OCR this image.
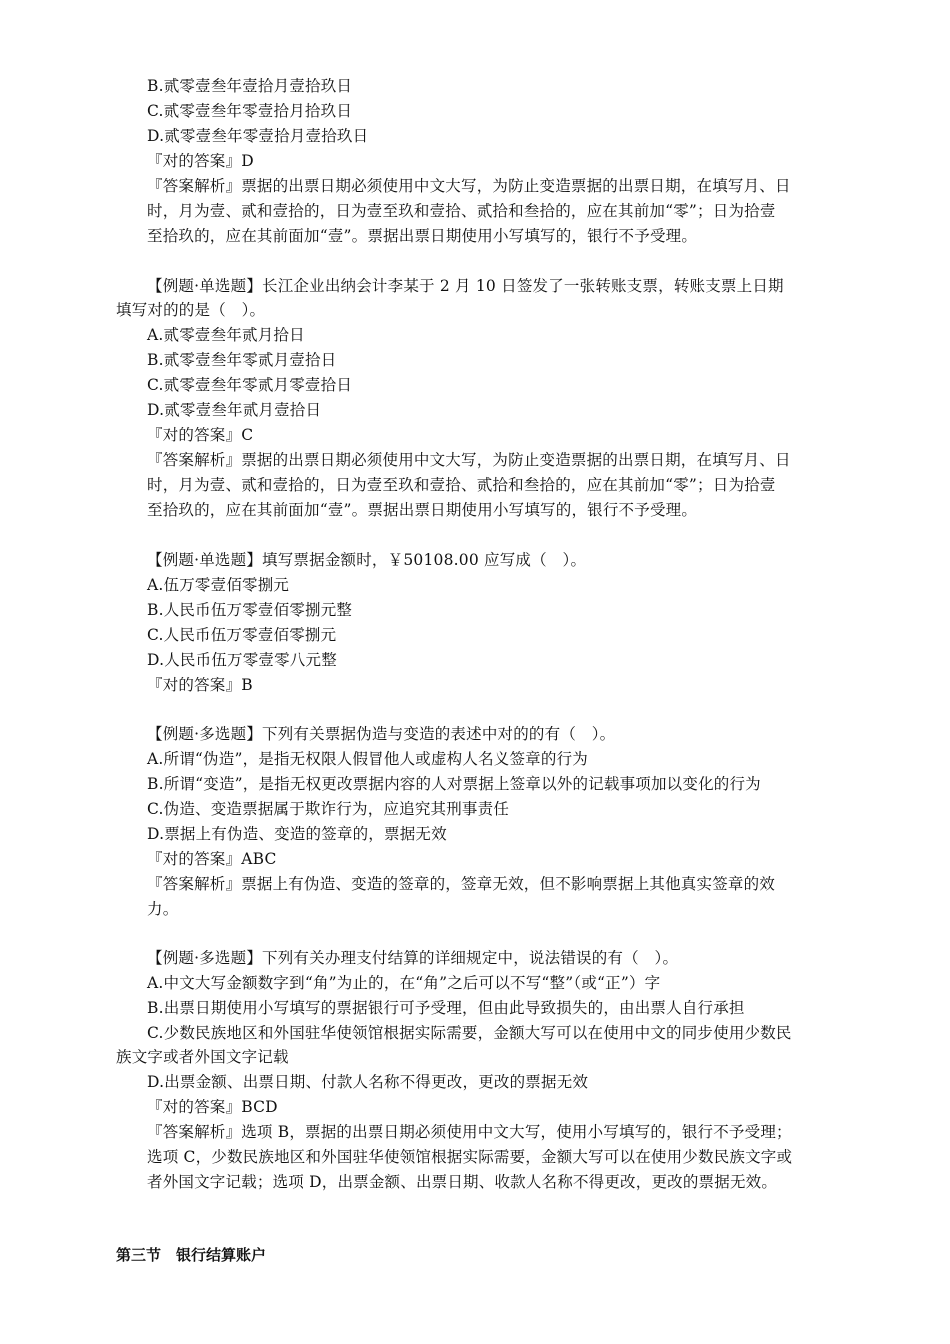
B.贰零壹叁年壹拾月壹拾玖日

C.贰零壹叁年零壹拾月拾玖日

D.贰零壹叁年零壹拾月壹拾玖日

『对的答案』D

『答案解析』票据的出票日期必须使用中文大写，为防止变造票据的出票日期，在填写月、日

时，月为壹、贰和壹拾的，日为壹至玖和壹拾、贰拾和叁拾的，应在其前加“零”；日为拾壹

至拾玖的，应在其前面加“壹”。票据出票日期使用小写填写的，银行不予受理。

【例题·单选题】长江企业出纳会计李某于 2 月 10 日签发了一张转账支票，转账支票上日期

填写对的的是（　）。

A.贰零壹叁年贰月拾日

B.贰零壹叁年零贰月壹拾日

C.贰零壹叁年零贰月零壹拾日

D.贰零壹叁年贰月壹拾日

『对的答案』C

『答案解析』票据的出票日期必须使用中文大写，为防止变造票据的出票日期，在填写月、日

时，月为壹、贰和壹拾的，日为壹至玖和壹拾、贰拾和叁拾的，应在其前加“零”；日为拾壹

至拾玖的，应在其前面加“壹”。票据出票日期使用小写填写的，银行不予受理。

【例题·单选题】填写票据金额时，￥50108.00 应写成（　）。

A.伍万零壹佰零捌元

B.人民币伍万零壹佰零捌元整

C.人民币伍万零壹佰零捌元

D.人民币伍万零壹零八元整

『对的答案』B

【例题·多选题】下列有关票据伪造与变造的表述中对的的有（　）。

A.所谓“伪造”，是指无权限人假冒他人或虚构人名义签章的行为

B.所谓“变造”，是指无权更改票据内容的人对票据上签章以外的记载事项加以变化的行为

C.伪造、变造票据属于欺诈行为，应追究其刑事责任

D.票据上有伪造、变造的签章的，票据无效

『对的答案』ABC

『答案解析』票据上有伪造、变造的签章的，签章无效，但不影响票据上其他真实签章的效

力。

【例题·多选题】下列有关办理支付结算的详细规定中，说法错误的有（　）。

A.中文大写金额数字到“角”为止的，在“角”之后可以不写“整”（或“正”）字

B.出票日期使用小写填写的票据银行可予受理，但由此导致损失的，由出票人自行承担

C.少数民族地区和外国驻华使领馆根据实际需要，金额大写可以在使用中文的同步使用少数民

族文字或者外国文字记载

D.出票金额、出票日期、付款人名称不得更改，更改的票据无效

『对的答案』BCD

『答案解析』选项 B，票据的出票日期必须使用中文大写，使用小写填写的，银行不予受理；

选项 C，少数民族地区和外国驻华使领馆根据实际需要，金额大写可以在使用少数民族文字或

者外国文字记载；选项 D，出票金额、出票日期、收款人名称不得更改，更改的票据无效。

第三节　银行结算账户
